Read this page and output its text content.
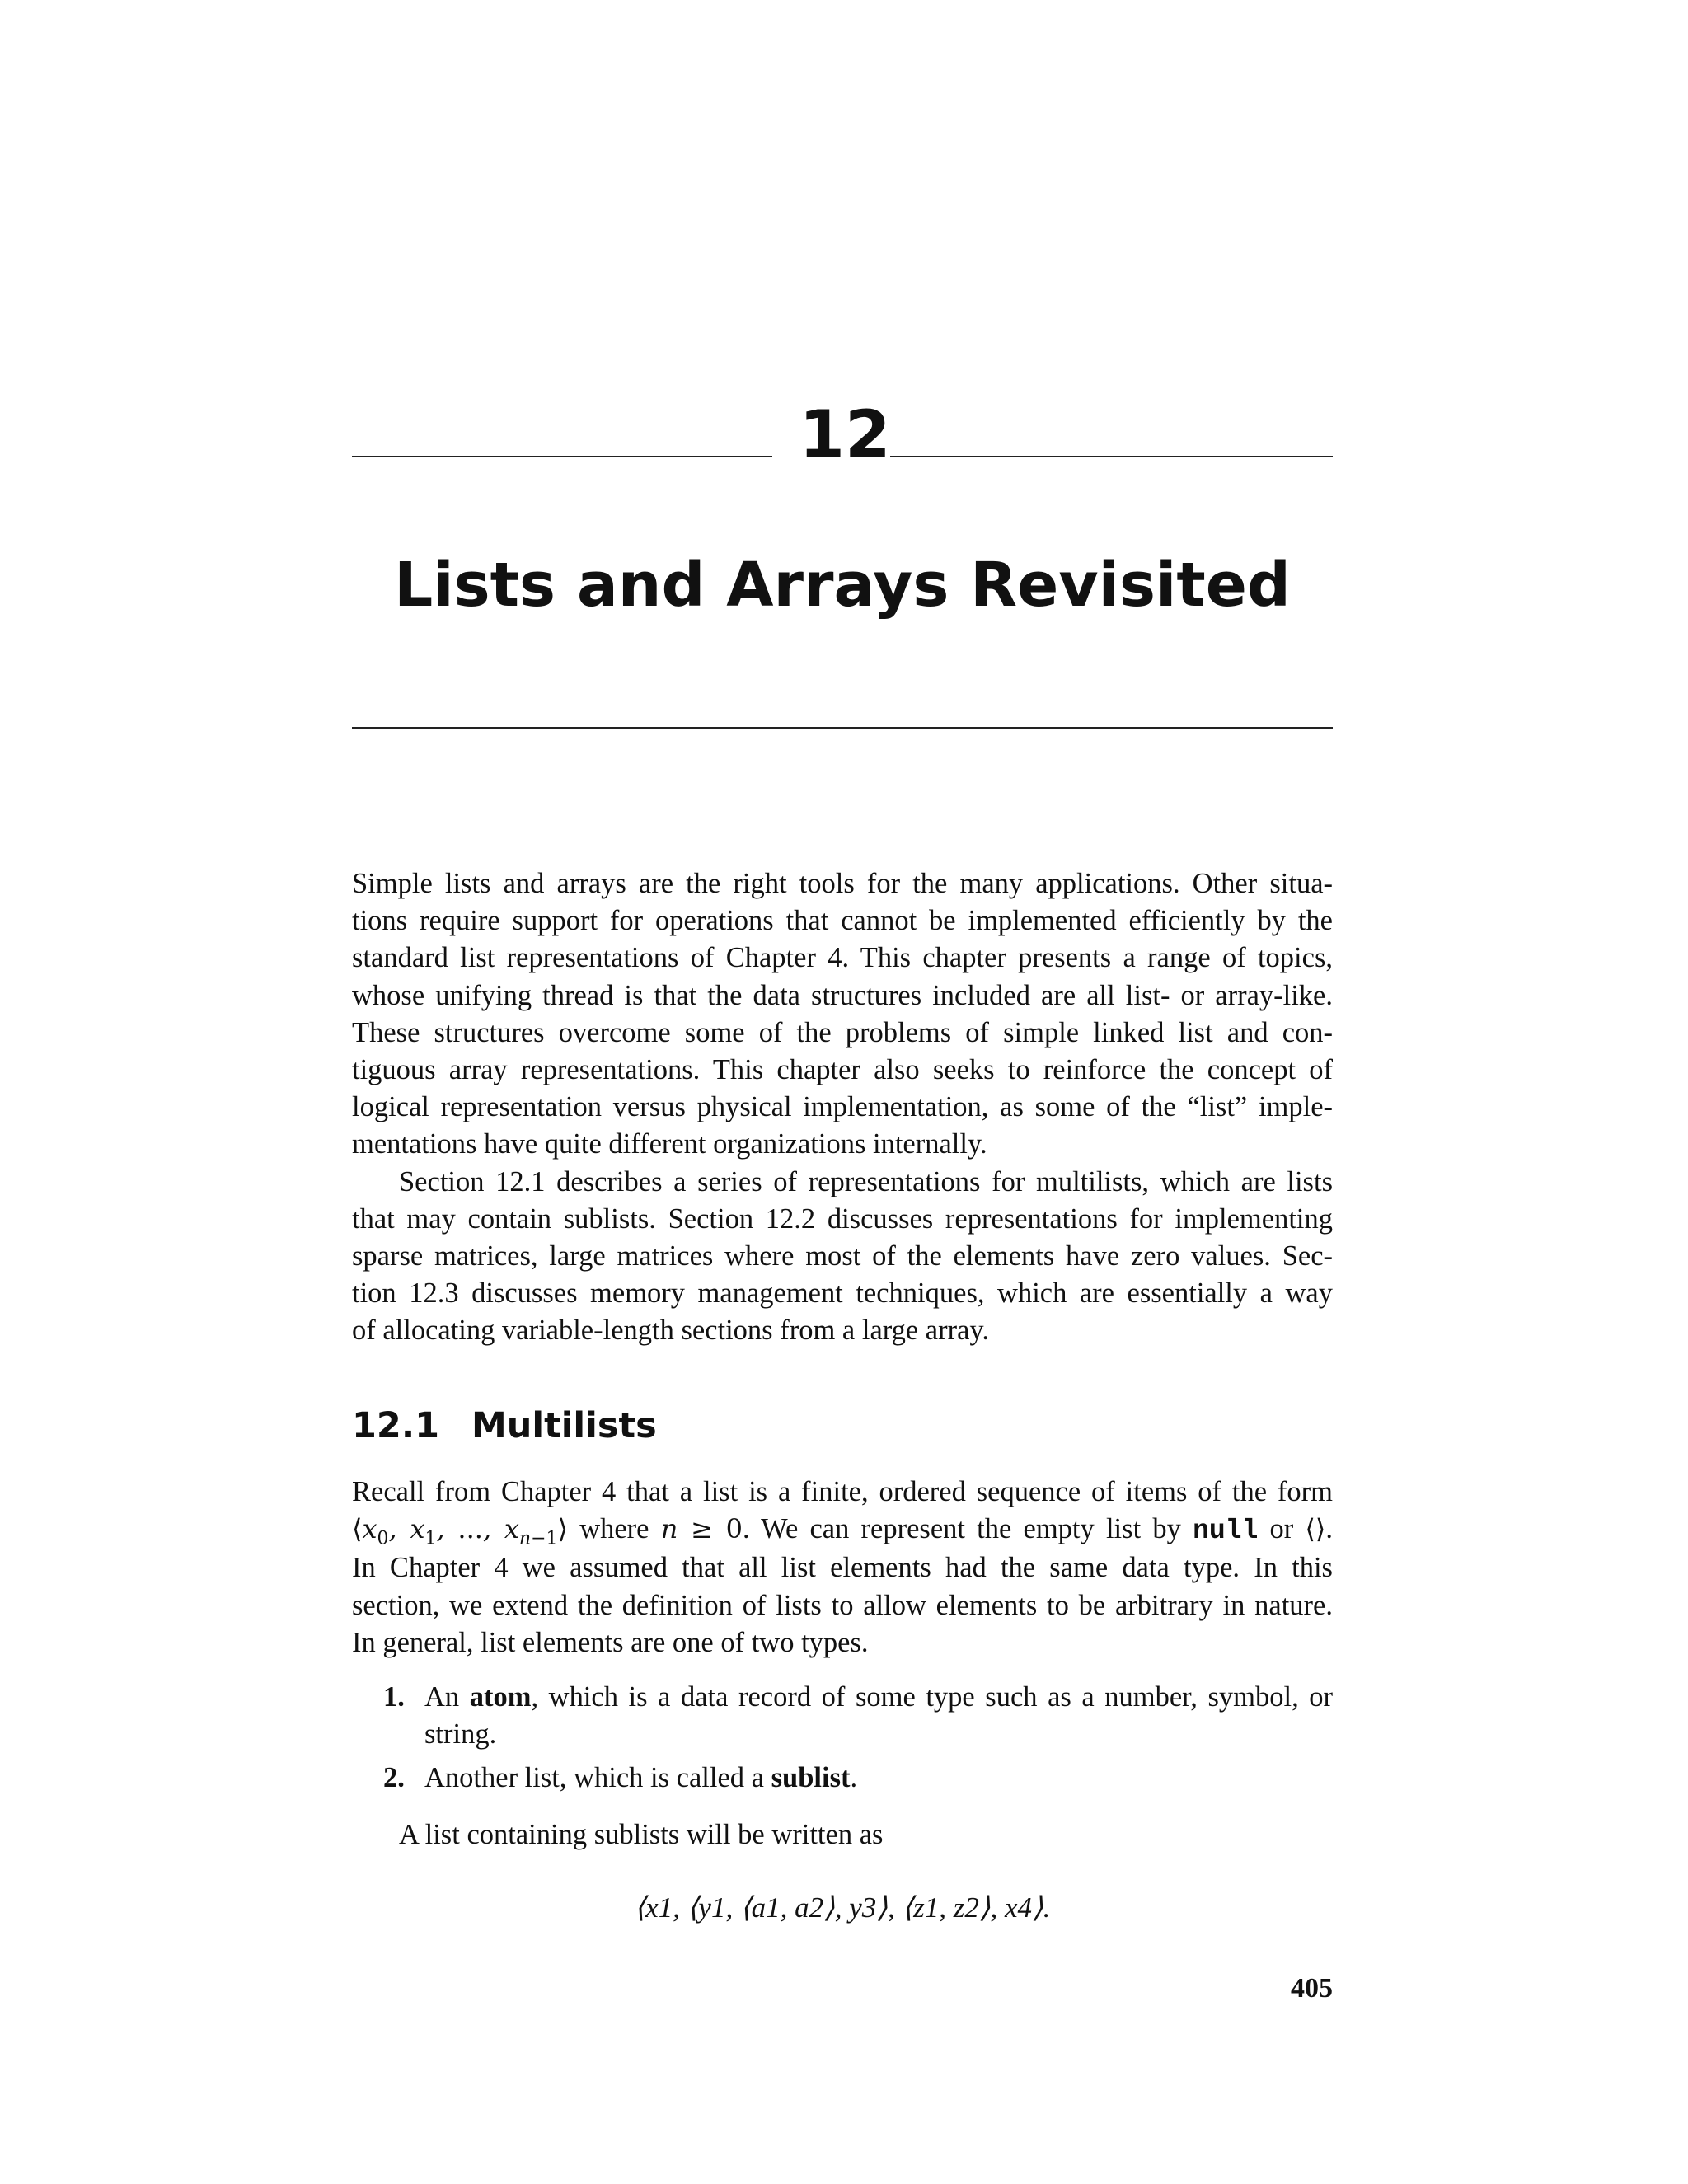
12
Lists and Arrays Revisited

Simple lists and arrays are the right tools for the many applications. Other situa-
tions require support for operations that cannot be implemented efficiently by the
standard list representations of Chapter 4. This chapter presents a range of topics,
whose unifying thread is that the data structures included are all list- or array-like.
These structures overcome some of the problems of simple linked list and con-
tiguous array representations. This chapter also seeks to reinforce the concept of
logical representation versus physical implementation, as some of the “list” imple-
mentations have quite different organizations internally.

Section 12.1 describes a series of representations for multilists, which are lists
that may contain sublists. Section 12.2 discusses representations for implementing
sparse matrices, large matrices where most of the elements have zero values. Sec-
tion 12.3 discusses memory management techniques, which are essentially a way
of allocating variable-length sections from a large array.

12.1 Multilists
Recall from Chapter 4 that a list is a finite, ordered sequence of items of the form
$⟨x_0$, $x_1$, ..., $x_{n-1}⟩$ where n ≥ 0. We can represent the empty list by null or ⟨⟩.
In Chapter 4 we assumed that all list elements had the same data type. In this
section, we extend the definition of lists to allow elements to be arbitrary in nature.
In general, list elements are one of two types.
1. An atom, which is a data record of some type such as a number, symbol, or
string.
2. Another list, which is called a sublist.
A list containing sublists will be written as
⟨x1, ⟨y1, ⟨a1, a2⟩, y3⟩, ⟨z1, z2⟩, x4⟩.
405
